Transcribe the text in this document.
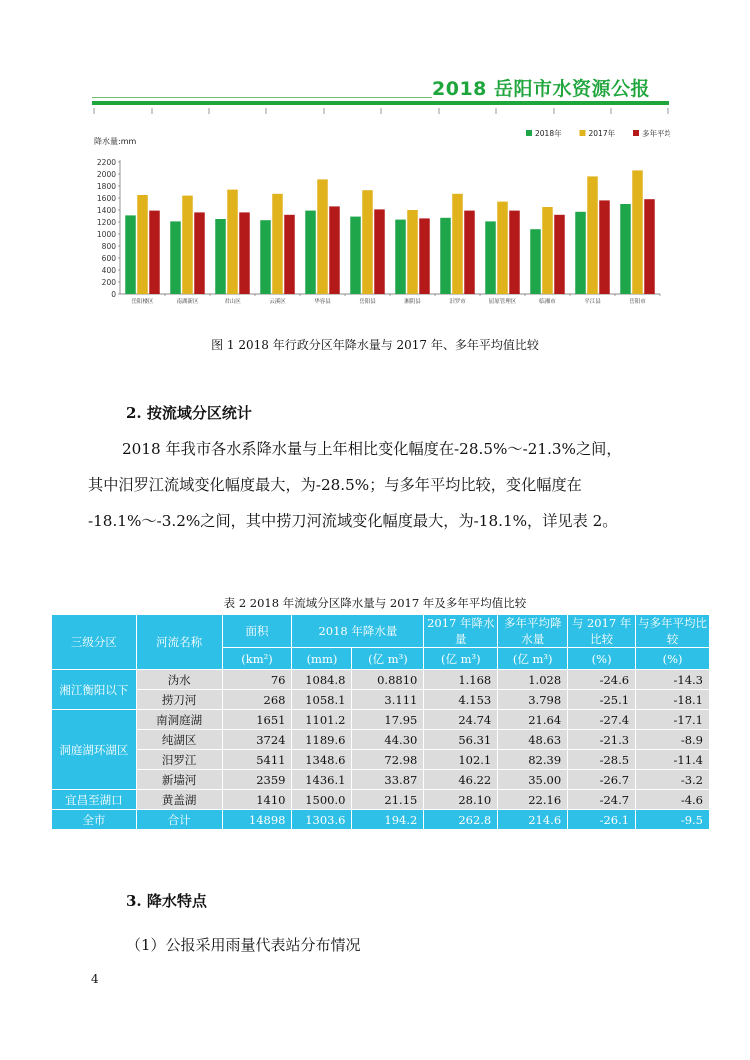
2018 岳阳市水资源公报
降水量:mm
0
200
400
600
800
1000
1200
1400
1600
1800
2000
2200
岳阳楼区	南湖新区	君山区	云溪区	华容县	岳阳县	湘阴县	汨罗市	屈原管理区	临湘市	平江县	岳阳市
2018年	2017年	多年平均
图 1 2018 年行政分区年降水量与 2017 年、多年平均值比较
2. 按流域分区统计

2018 年我市各水系降水量与上年相比变化幅度在-28.5%～-21.3%之间，

其中汨罗江流域变化幅度最大，为-28.5%；与多年平均比较，变化幅度在

-18.1%～-3.2%之间，其中捞刀河流域变化幅度最大，为-18.1%，详见表 2。

表 2 2018 年流域分区降水量与 2017 年及多年平均值比较
三级分区	河流名称	面积	2018 年降水量		2017 年降水量	多年平均降水量	与 2017 年比较	与多年平均比较
		(km²)	(mm)	(亿 m³)	(亿 m³)	(亿 m³)	(%)	(%)
湘江衡阳以下	沩水	76	1084.8	0.8810	1.168	1.028	-24.6	-14.3
	捞刀河	268	1058.1	3.111	4.153	3.798	-25.1	-18.1
洞庭湖环湖区	南洞庭湖	1651	1101.2	17.95	24.74	21.64	-27.4	-17.1
	纯湖区	3724	1189.6	44.30	56.31	48.63	-21.3	-8.9
	汨罗江	5411	1348.6	72.98	102.1	82.39	-28.5	-11.4
	新墙河	2359	1436.1	33.87	46.22	35.00	-26.7	-3.2
宜昌至湖口	黄盖湖	1410	1500.0	21.15	28.10	22.16	-24.7	-4.6
全市	合计	14898	1303.6	194.2	262.8	214.6	-26.1	-9.5
3. 降水特点
（1）公报采用雨量代表站分布情况
4
